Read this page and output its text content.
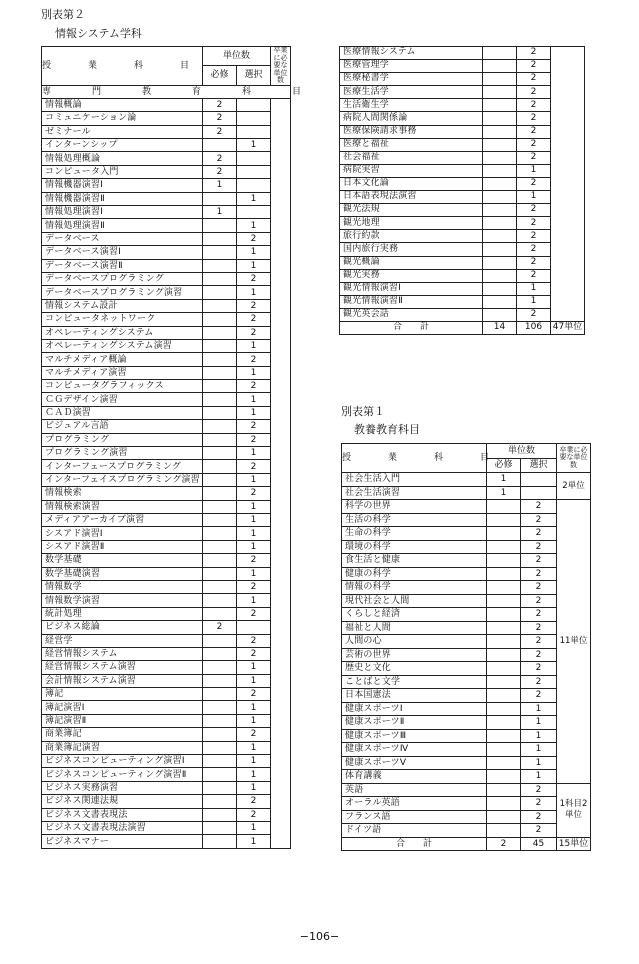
別表第２
情報システム学科
授　業　科　目	単位数		卒業に必要な単位数
	必修	選択	
専　門　教　育　科　目			
情報概論	2		
コミュニケーション論	2		
ゼミナール	2		
インターンシップ		1	
情報処理概論	2		
コンピュータ入門	2		
情報機器演習Ⅰ	1		
情報機器演習Ⅱ		1	
情報処理演習Ⅰ	1		
情報処理演習Ⅱ		1	
データベース		2	
データベース演習Ⅰ		1	
データベース演習Ⅱ		1	
データベースプログラミング		2	
データベースプログラミング演習		1	
情報システム設計		2	
コンピュータネットワーク		2	
オペレーティングシステム		2	
オペレーティングシステム演習		1	
マルチメディア概論		2	
マルチメディア演習		1	
コンピュータグラフィックス		2	
ＣＧデザイン演習		1	
ＣＡＤ演習		1	
ビジュアル言語		2	
プログラミング		2	
プログラミング演習		1	
インターフェースプログラミング		2	
インターフェイスプログラミング演習		1	
情報検索		2	
情報検索演習		1	
メディアアーカイブ演習		1	
シスアド演習Ⅰ		1	
シスアド演習Ⅱ		1	
数学基礎		2	
数学基礎演習		1	
情報数学		2	
情報数学演習		1	
統計処理		2	
ビジネス総論	2		
経営学		2	
経営情報システム		2	
経営情報システム演習		1	
会計情報システム演習		1	
簿記		2	
簿記演習Ⅰ		1	
簿記演習Ⅱ		1	
商業簿記		2	
商業簿記演習		1	
ビジネスコンピューティング演習Ⅰ		1	
ビジネスコンピューティング演習Ⅱ		1	
ビジネス実務演習		1	
ビジネス関連法規		2	
ビジネス文書表現法		2	
ビジネス文書表現法演習		1	
ビジネスマナー		1	
医療情報システム		2	
医療管理学		2	
医療秘書学		2	
医療生活学		2	
生活衛生学		2	
病院人間関係論		2	
医療保険請求事務		2	
医療と福祉		2	
社会福祉		2	
病院実習		1	
日本文化論		2	
日本語表現法演習		1	
観光法規		2	
観光地理		2	
旅行約款		2	
国内旅行実務		2	
観光概論		2	
観光実務		2	
観光情報演習Ⅰ		1	
観光情報演習Ⅱ		1	
観光英会話		2	
合　　計	14	106	47単位
別表第１
教養教育科目
授　業　科　目	単位数		卒業に必要な単位数
	必修	選択	
社会生活入門	1		2単位
社会生活演習	1		
科学の世界		2	11単位
生活の科学		2	
生命の科学		2	
環境の科学		2	
食生活と健康		2	
健康の科学		2	
情報の科学		2	
現代社会と人間		2	
くらしと経済		2	
福祉と人間		2	
人間の心		2	
芸術の世界		2	
歴史と文化		2	
ことばと文学		2	
日本国憲法		2	
健康スポーツⅠ		1	
健康スポーツⅡ		1	
健康スポーツⅢ		1	
健康スポーツⅣ		1	
健康スポーツⅤ		1	
体育講義		1	
英語		2	1科目2単位
オーラル英語		2	
フランス語		2	
ドイツ語		2	
合　　計	2	45	15単位
−106−
